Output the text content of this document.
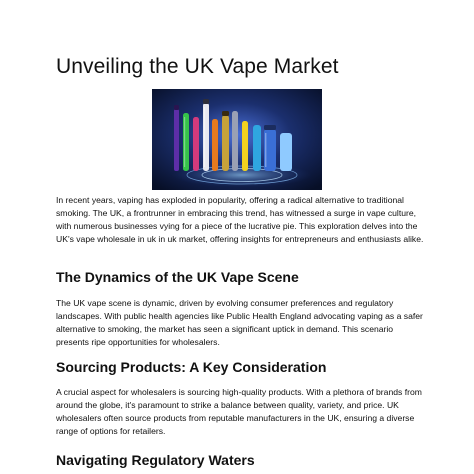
Unveiling the UK Vape Market

In recent years, vaping has exploded in popularity, offering a radical alternative to traditional smoking. The UK, a frontrunner in embracing this trend, has witnessed a surge in vape culture, with numerous businesses vying for a piece of the lucrative pie. This exploration delves into the UK's vape wholesale in uk in uk market, offering insights for entrepreneurs and enthusiasts alike.

The Dynamics of the UK Vape Scene

The UK vape scene is dynamic, driven by evolving consumer preferences and regulatory landscapes. With public health agencies like Public Health England advocating vaping as a safer alternative to smoking, the market has seen a significant uptick in demand. This scenario presents ripe opportunities for wholesalers.

Sourcing Products: A Key Consideration

A crucial aspect for wholesalers is sourcing high-quality products. With a plethora of brands from around the globe, it's paramount to strike a balance between quality, variety, and price. UK wholesalers often source products from reputable manufacturers in the UK, ensuring a diverse range of options for retailers.

Navigating Regulatory Waters
